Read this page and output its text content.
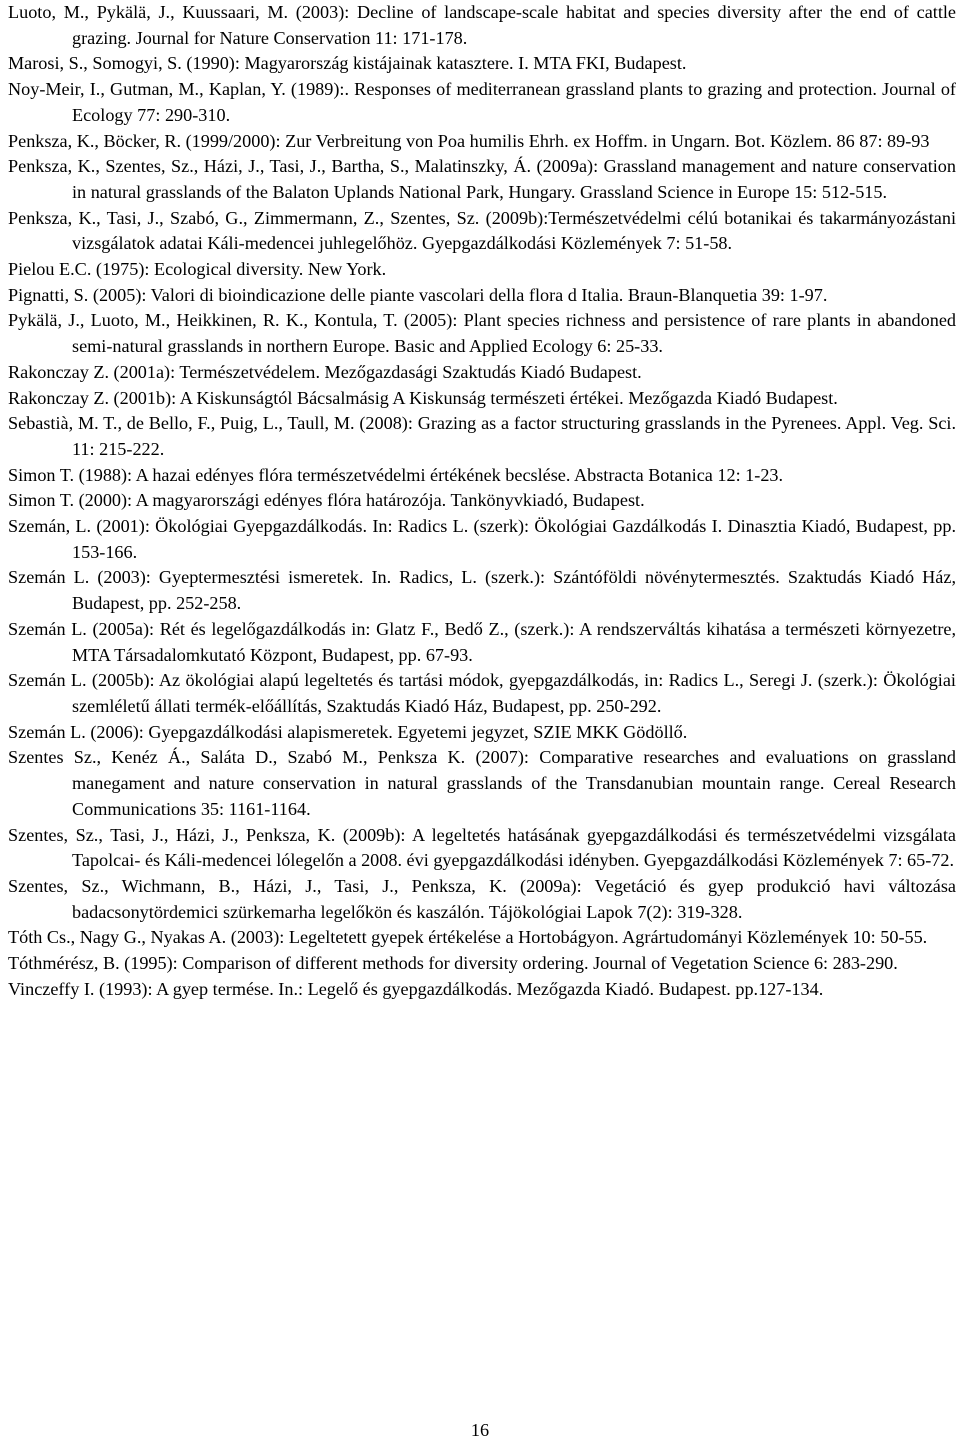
Luoto, M., Pykälä, J., Kuussaari, M. (2003): Decline of landscape-scale habitat and species diversity after the end of cattle grazing. Journal for Nature Conservation 11: 171-178.
Marosi, S., Somogyi, S. (1990): Magyarország kistájainak katasztere. I. MTA FKI, Budapest.
Noy-Meir, I., Gutman, M., Kaplan, Y. (1989):. Responses of mediterranean grassland plants to grazing and protection. Journal of Ecology 77: 290-310.
Penksza, K., Böcker, R. (1999/2000): Zur Verbreitung von Poa humilis Ehrh. ex Hoffm. in Ungarn. Bot. Közlem. 86 87: 89-93
Penksza, K., Szentes, Sz., Házi, J., Tasi, J., Bartha, S., Malatinszky, Á. (2009a): Grassland management and nature conservation in natural grasslands of the Balaton Uplands National Park, Hungary. Grassland Science in Europe 15: 512-515.
Penksza, K., Tasi, J., Szabó, G., Zimmermann, Z., Szentes, Sz. (2009b):Természetvédelmi célú botanikai és takarmányozástani vizsgálatok adatai Káli-medencei juhlegelőhöz. Gyepgazdálkodási Közlemények 7: 51-58.
Pielou E.C. (1975): Ecological diversity. New York.
Pignatti, S. (2005): Valori di bioindicazione delle piante vascolari della flora d Italia. Braun-Blanquetia 39: 1-97.
Pykälä, J., Luoto, M., Heikkinen, R. K., Kontula, T. (2005): Plant species richness and persistence of rare plants in abandoned semi-natural grasslands in northern Europe. Basic and Applied Ecology 6: 25-33.
Rakonczay Z. (2001a): Természetvédelem. Mezőgazdasági Szaktudás Kiadó Budapest.
Rakonczay Z. (2001b): A Kiskunságtól Bácsalmásig A Kiskunság természeti értékei. Mezőgazda Kiadó Budapest.
Sebastià, M. T., de Bello, F., Puig, L., Taull, M. (2008): Grazing as a factor structuring grasslands in the Pyrenees. Appl. Veg. Sci. 11: 215-222.
Simon T. (1988): A hazai edényes flóra természetvédelmi értékének becslése. Abstracta Botanica 12: 1-23.
Simon T. (2000): A magyarországi edényes flóra határozója. Tankönyvkiadó, Budapest.
Szemán, L. (2001): Ökológiai Gyepgazdálkodás. In: Radics L. (szerk): Ökológiai Gazdálkodás I. Dinasztia Kiadó, Budapest, pp. 153-166.
Szemán L. (2003): Gyeptermesztési ismeretek. In. Radics, L. (szerk.): Szántóföldi növénytermesztés. Szaktudás Kiadó Ház, Budapest, pp. 252-258.
Szemán L. (2005a): Rét és legelőgazdálkodás in: Glatz F., Bedő Z., (szerk.): A rendszerváltás kihatása a természeti környezetre, MTA Társadalomkutató Központ, Budapest, pp. 67-93.
Szemán L. (2005b): Az ökológiai alapú legeltetés és tartási módok, gyepgazdálkodás, in: Radics L., Seregi J. (szerk.): Ökológiai szemléletű állati termék-előállítás, Szaktudás Kiadó Ház, Budapest, pp. 250-292.
Szemán L. (2006): Gyepgazdálkodási alapismeretek. Egyetemi jegyzet, SZIE MKK Gödöllő.
Szentes Sz., Kenéz Á., Saláta D., Szabó M., Penksza K. (2007): Comparative researches and evaluations on grassland manegament and nature conservation in natural grasslands of the Transdanubian mountain range. Cereal Research Communications 35: 1161-1164.
Szentes, Sz., Tasi, J., Házi, J., Penksza, K. (2009b): A legeltetés hatásának gyepgazdálkodási és természetvédelmi vizsgálata Tapolcai- és Káli-medencei lólegelőn a 2008. évi gyepgazdálkodási idényben. Gyepgazdálkodási Közlemények 7: 65-72.
Szentes, Sz., Wichmann, B., Házi, J., Tasi, J., Penksza, K. (2009a): Vegetáció és gyep produkció havi változása badacsonytördemici szürkemarha legelőkön és kaszálón. Tájökológiai Lapok 7(2): 319-328.
Tóth Cs., Nagy G., Nyakas A. (2003): Legeltetett gyepek értékelése a Hortobágyon. Agrártudományi Közlemények 10: 50-55.
Tóthmérész, B. (1995): Comparison of different methods for diversity ordering. Journal of Vegetation Science 6: 283-290.
Vinczeffy I. (1993): A gyep termése. In.: Legelő és gyepgazdálkodás. Mezőgazda Kiadó. Budapest. pp.127-134.
16
